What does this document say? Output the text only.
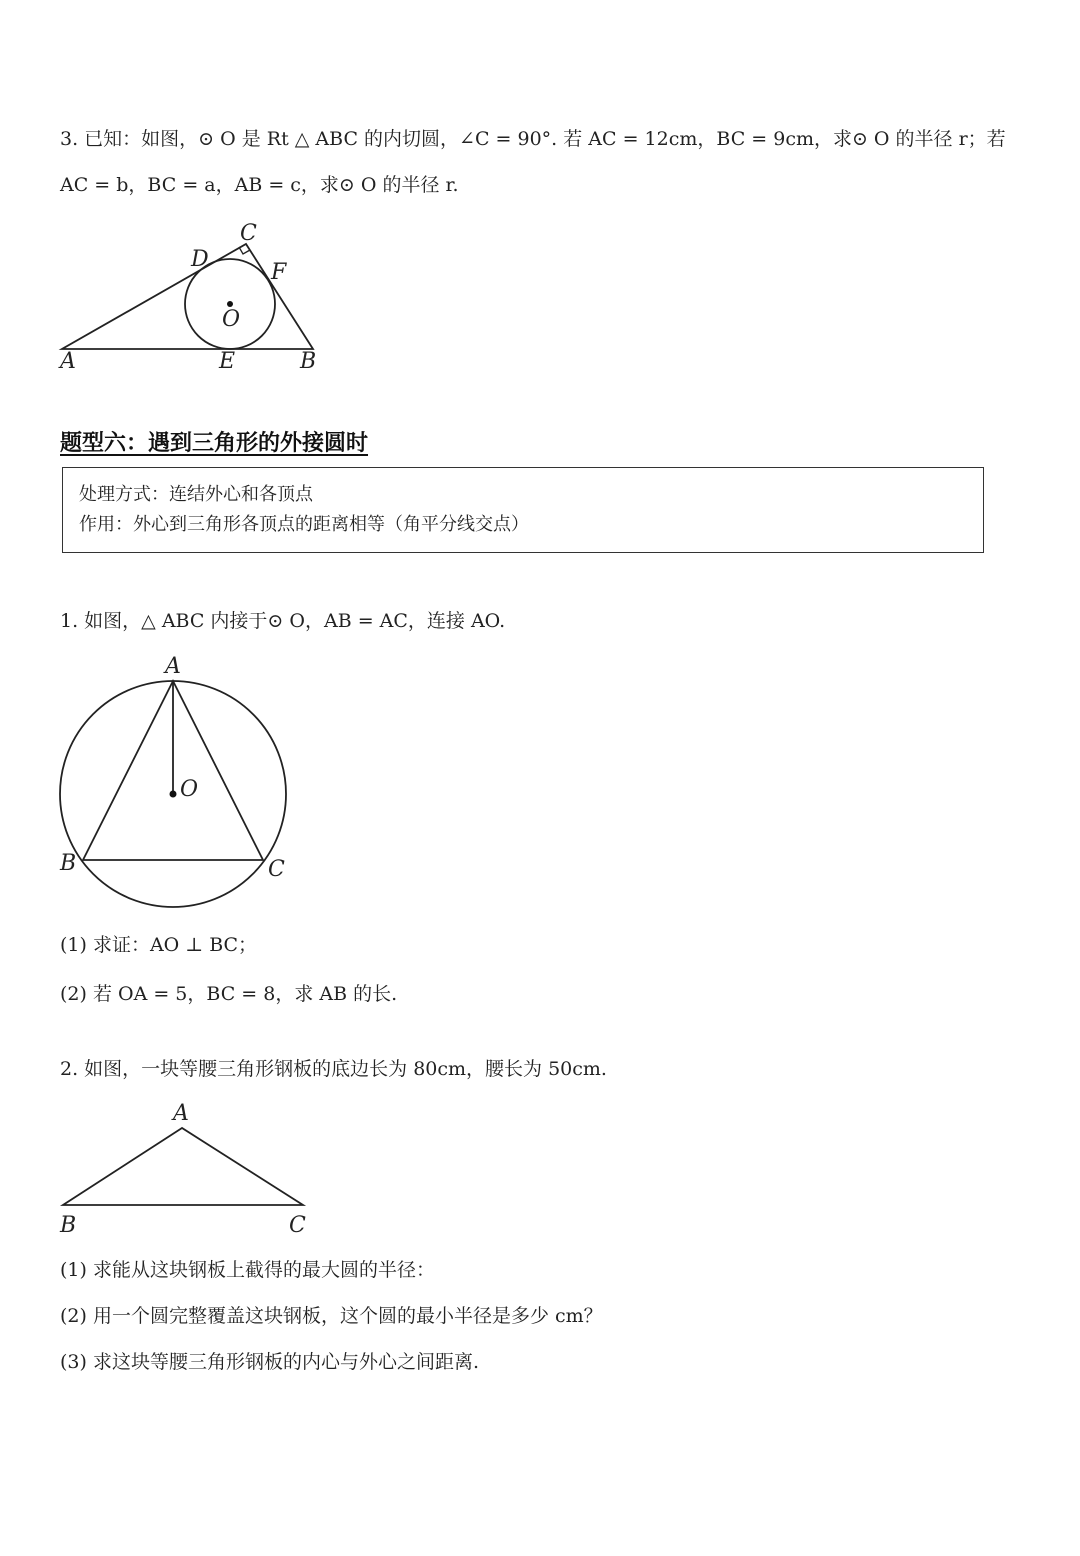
3. 已知：如图，⊙ O 是 Rt △ ABC 的内切圆，∠C = 90°. 若 AC = 12cm，BC = 9cm，求⊙ O 的半径 r；若
AC = b，BC = a，AB = c，求⊙ O 的半径 r.
A	B
C
D
E
F
O
题型六：遇到三角形的外接圆时
处理方式：连结外心和各顶点
作用：外心到三角形各顶点的距离相等（角平分线交点）
1. 如图，△ ABC 内接于⊙ O，AB = AC，连接 AO.
A
B	C
O
(1) 求证：AO ⊥ BC；
(2) 若 OA = 5，BC = 8，求 AB 的长.
2. 如图，一块等腰三角形钢板的底边长为 80cm，腰长为 50cm.
A
B	C
(1) 求能从这块钢板上截得的最大圆的半径：
(2) 用一个圆完整覆盖这块钢板，这个圆的最小半径是多少 cm？
(3) 求这块等腰三角形钢板的内心与外心之间距离.
